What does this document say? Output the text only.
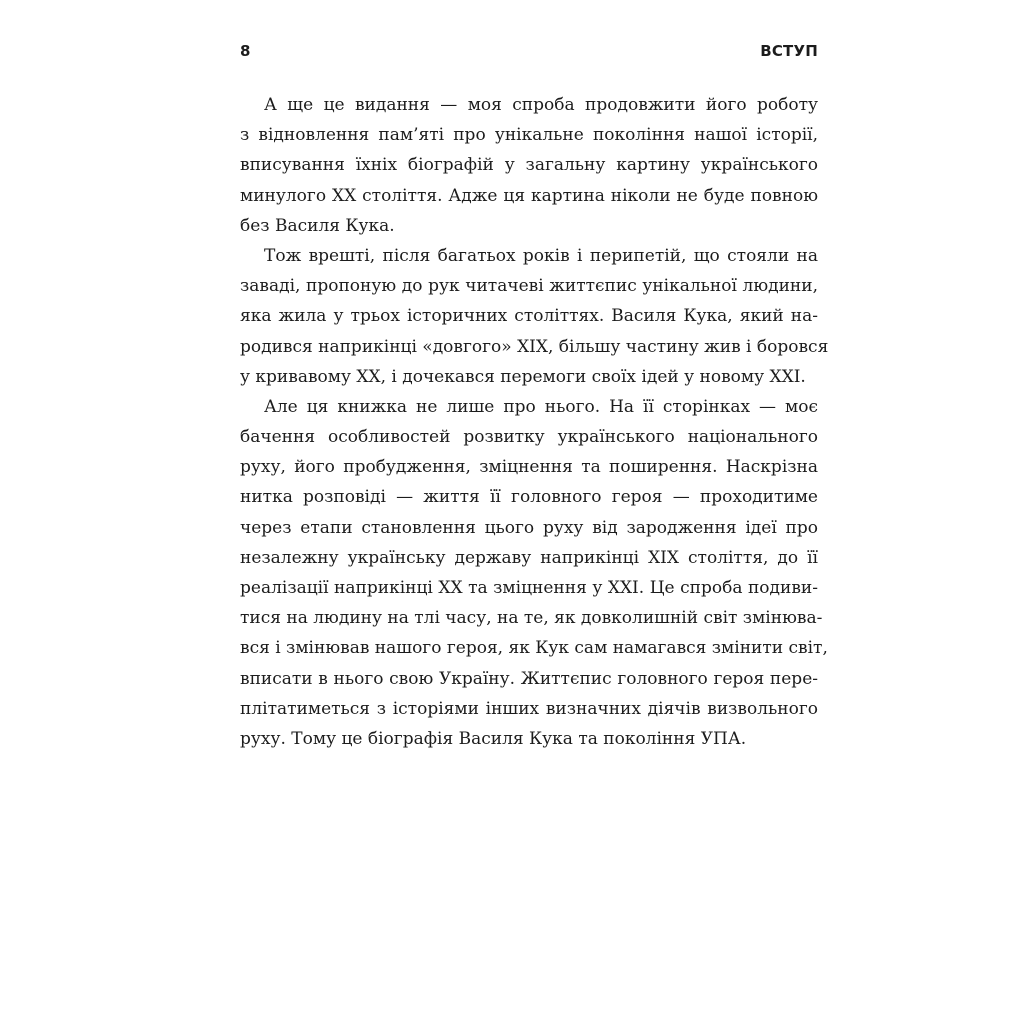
8	ВСТУП
А ще це видання — моя спроба продовжити його роботу
з відновлення пам’яті про унікальне покоління нашої історії,
вписування їхніх біографій у загальну картину українського
минулого XX століття. Адже ця картина ніколи не буде повною
без Василя Кука.
Тож врешті, після багатьох років і перипетій, що стояли на
заваді, пропоную до рук читачеві життєпис унікальної людини,
яка жила у трьох історичних століттях. Василя Кука, який на-
родився наприкінці «довгого» XIX, більшу частину жив і боровся
у кривавому XX, і дочекався перемоги своїх ідей у новому XXI.
Але ця книжка не лише про нього. На її сторінках — моє
бачення особливостей розвитку українського національного
руху, його пробудження, зміцнення та поширення. Наскрізна
нитка розповіді — життя її головного героя — проходитиме
через етапи становлення цього руху від зародження ідеї про
незалежну українську державу наприкінці XIX століття, до її
реалізації наприкінці XX та зміцнення у XXI. Це спроба подиви-
тися на людину на тлі часу, на те, як довколишній світ змінюва-
вся і змінював нашого героя, як Кук сам намагався змінити світ,
вписати в нього свою Україну. Життєпис головного героя пере-
плітатиметься з історіями інших визначних діячів визвольного
руху. Тому це біографія Василя Кука та покоління УПА.
